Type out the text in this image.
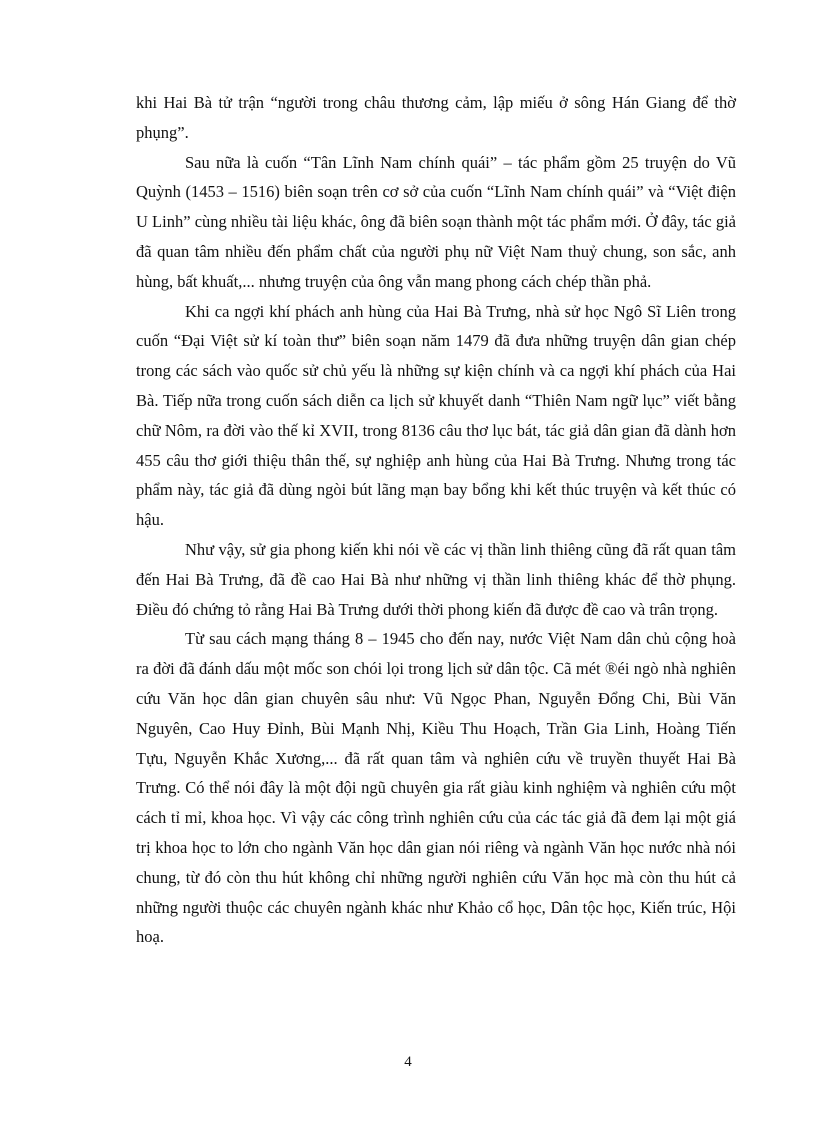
khi Hai Bà tử trận “người trong châu thương cảm, lập miếu ở sông Hán Giang để thờ phụng”.

Sau nữa là cuốn “Tân Lĩnh Nam chính quái” – tác phẩm gồm 25 truyện do Vũ Quỳnh (1453 – 1516) biên soạn trên cơ sở của cuốn “Lĩnh Nam chính quái” và “Việt điện U Linh” cùng nhiều tài liệu khác, ông đã biên soạn thành một tác phẩm mới. Ở đây, tác giả đã quan tâm nhiều đến phẩm chất của người phụ nữ Việt Nam thuỷ chung, son sắc, anh hùng, bất khuất,... nhưng truyện của ông vẫn mang phong cách chép thần phả.

Khi ca ngợi khí phách anh hùng của Hai Bà Trưng, nhà sử học Ngô Sĩ Liên trong cuốn “Đại Việt sử kí toàn thư” biên soạn năm 1479 đã đưa những truyện dân gian chép trong các sách vào quốc sử chủ yếu là những sự kiện chính và ca ngợi khí phách của Hai Bà. Tiếp nữa trong cuốn sách diễn ca lịch sử khuyết danh “Thiên Nam ngữ lục” viết bằng chữ Nôm, ra đời vào thế kỉ XVII, trong 8136 câu thơ lục bát, tác giả dân gian đã dành hơn 455 câu thơ giới thiệu thân thế, sự nghiệp anh hùng của Hai Bà Trưng. Nhưng trong tác phẩm này, tác giả đã dùng ngòi bút lãng mạn bay bổng khi kết thúc truyện và kết thúc có hậu.

Như vậy, sử gia phong kiến khi nói về các vị thần linh thiêng cũng đã rất quan tâm đến Hai Bà Trưng, đã đề cao Hai Bà như những vị thần linh thiêng khác để thờ phụng. Điều đó chứng tỏ rằng Hai Bà Trưng dưới thời phong kiến đã được đề cao và trân trọng.

Từ sau cách mạng tháng 8 – 1945 cho đến nay, nước Việt Nam dân chủ cộng hoà ra đời đã đánh dấu một mốc son chói lọi trong lịch sử dân tộc. Cã mét ®éi ngò nhà nghiên cứu Văn học dân gian chuyên sâu như: Vũ Ngọc Phan, Nguyễn Đổng Chi, Bùi Văn Nguyên, Cao Huy Đỉnh, Bùi Mạnh Nhị, Kiều Thu Hoạch, Trần Gia Linh, Hoàng Tiến Tựu, Nguyễn Khắc Xương,... đã rất quan tâm và nghiên cứu về truyền thuyết Hai Bà Trưng. Có thể nói đây là một đội ngũ chuyên gia rất giàu kinh nghiệm và nghiên cứu một cách tỉ mỉ, khoa học. Vì vậy các công trình nghiên cứu của các tác giả đã đem lại một giá trị khoa học to lớn cho ngành Văn học dân gian nói riêng và ngành Văn học nước nhà nói chung, từ đó còn thu hút không chỉ những người nghiên cứu Văn học mà còn thu hút cả những người thuộc các chuyên ngành khác như Khảo cổ học, Dân tộc học, Kiến trúc, Hội hoạ.

4
